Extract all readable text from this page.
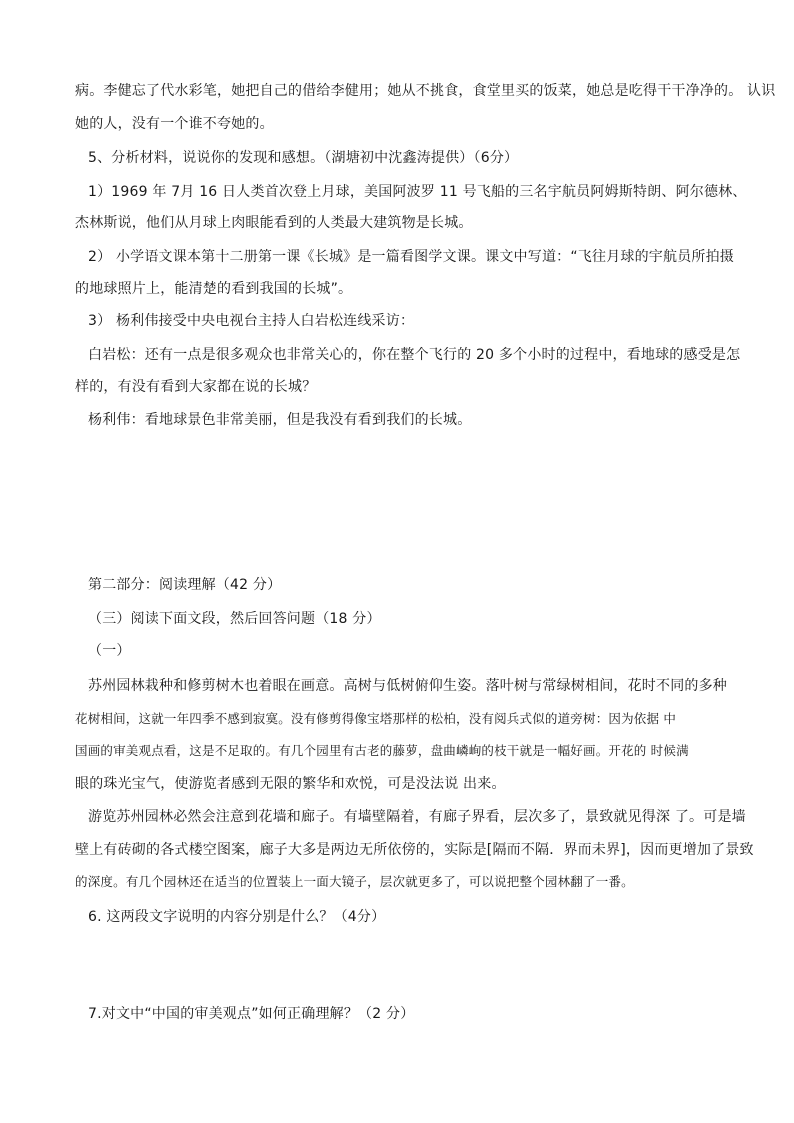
病。李健忘了代水彩笔，她把自己的借给李健用；她从不挑食，食堂里买的饭菜，她总是吃得干干净净的。 认识
她的人，没有一个谁不夸她的。
5、分析材料，说说你的发现和感想。（湖塘初中沈鑫涛提供）（6分）
1）1969 年 7月 16 日人类首次登上月球，美国阿波罗 11 号飞船的三名宇航员阿姆斯特朗、阿尔德林、
杰林斯说，他们从月球上肉眼能看到的人类最大建筑物是长城。
2） 小学语文课本第十二册第一课《长城》是一篇看图学文课。课文中写道：“飞往月球的宇航员所拍摄
的地球照片上，能清楚的看到我国的长城”。
3） 杨利伟接受中央电视台主持人白岩松连线采访：
白岩松：还有一点是很多观众也非常关心的，你在整个飞行的 20 多个小时的过程中，看地球的感受是怎
样的，有没有看到大家都在说的长城？
杨利伟：看地球景色非常美丽，但是我没有看到我们的长城。
第二部分：阅读理解（42 分）
（三）阅读下面文段，然后回答问题（18 分）
（一）
苏州园林栽种和修剪树木也着眼在画意。高树与低树俯仰生姿。落叶树与常绿树相间，花时不同的多种
花树相间，这就一年四季不感到寂寞。没有修剪得像宝塔那样的松柏，没有阅兵式似的道旁树：因为依据 中
国画的审美观点看，这是不足取的。有几个园里有古老的藤萝，盘曲嶙峋的枝干就是一幅好画。开花的 时候满
眼的珠光宝气，使游览者感到无限的繁华和欢悦，可是没法说 出来。
游览苏州园林必然会注意到花墙和廊子。有墙壁隔着，有廊子界看，层次多了，景致就见得深 了。可是墙
壁上有砖砌的各式楼空图案，廊子大多是两边无所依傍的，实际是[隔而不隔．界而未界]，因而更增加了景致
的深度。有几个园林还在适当的位置装上一面大镜子，层次就更多了，可以说把整个园林翻了一番。
6. 这两段文字说明的内容分别是什么？（4分）
7.对文中“中国的审美观点”如何正确理解？（2 分）
